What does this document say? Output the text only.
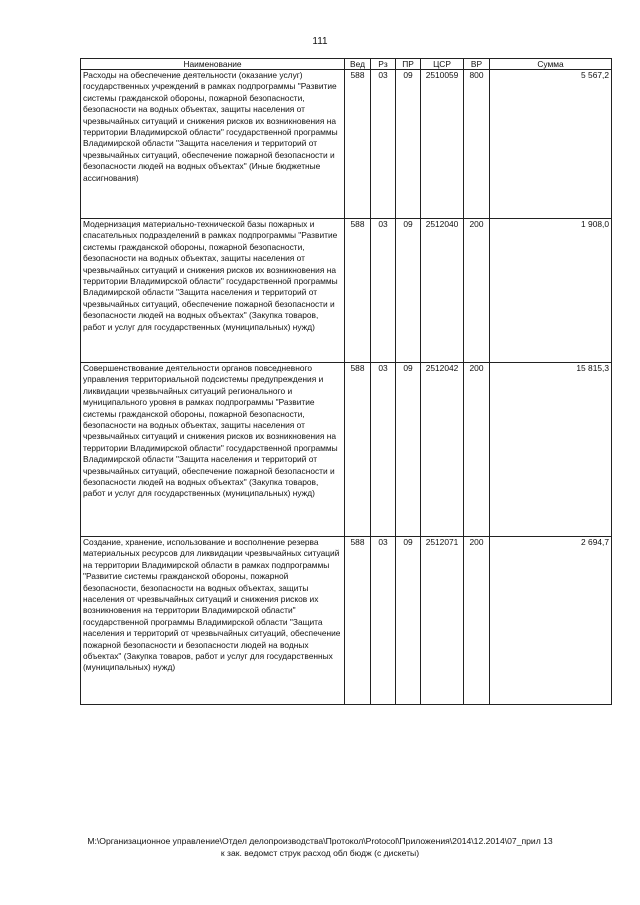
111
Наименование	Вед	Рз	ПР	ЦСР	ВР	Сумма
Расходы на обеспечение деятельности (оказание услуг) государственных учреждений в рамках подпрограммы "Развитие системы гражданской обороны, пожарной безопасности, безопасности на водных объектах, защиты населения от чрезвычайных ситуаций и снижения рисков их возникновения на территории Владимирской области" государственной программы Владимирской области "Защита населения и территорий от чрезвычайных ситуаций, обеспечение пожарной безопасности и безопасности людей на водных объектах" (Иные бюджетные ассигнования)	588	03	09	2510059	800	5 567,2
Модернизация материально-технической базы пожарных и спасательных подразделений в рамках подпрограммы "Развитие системы гражданской обороны, пожарной безопасности, безопасности на водных объектах, защиты населения от чрезвычайных ситуаций и снижения рисков их возникновения на территории Владимирской области" государственной программы Владимирской области "Защита населения и территорий от чрезвычайных ситуаций, обеспечение пожарной безопасности и безопасности людей на водных объектах" (Закупка товаров, работ и услуг для государственных (муниципальных) нужд)	588	03	09	2512040	200	1 908,0
Совершенствование деятельности органов повседневного управления территориальной подсистемы предупреждения и ликвидации чрезвычайных ситуаций регионального и муниципального уровня в рамках подпрограммы "Развитие системы гражданской обороны, пожарной безопасности, безопасности на водных объектах, защиты населения от чрезвычайных ситуаций и снижения рисков их возникновения на территории Владимирской области" государственной программы Владимирской области "Защита населения и территорий от чрезвычайных ситуаций, обеспечение пожарной безопасности и безопасности людей на водных объектах" (Закупка товаров, работ и услуг для государственных (муниципальных) нужд)	588	03	09	2512042	200	15 815,3
Создание, хранение, использование и восполнение резерва материальных ресурсов для ликвидации чрезвычайных ситуаций на территории Владимирской области в рамках подпрограммы "Развитие системы гражданской обороны, пожарной безопасности, безопасности на водных объектах, защиты населения от чрезвычайных ситуаций и снижения рисков их возникновения на территории Владимирской области" государственной программы Владимирской области "Защита населения и территорий от чрезвычайных ситуаций, обеспечение пожарной безопасности и безопасности людей на водных объектах" (Закупка товаров, работ и услуг для государственных (муниципальных) нужд)	588	03	09	2512071	200	2 694,7
M:\Организационное управление\Отдел делопроизводства\Протокол\Protocol\Приложения\2014\12.2014\07_прил 13
к зак. ведомст струк расход обл бюдж (с дискеты)
